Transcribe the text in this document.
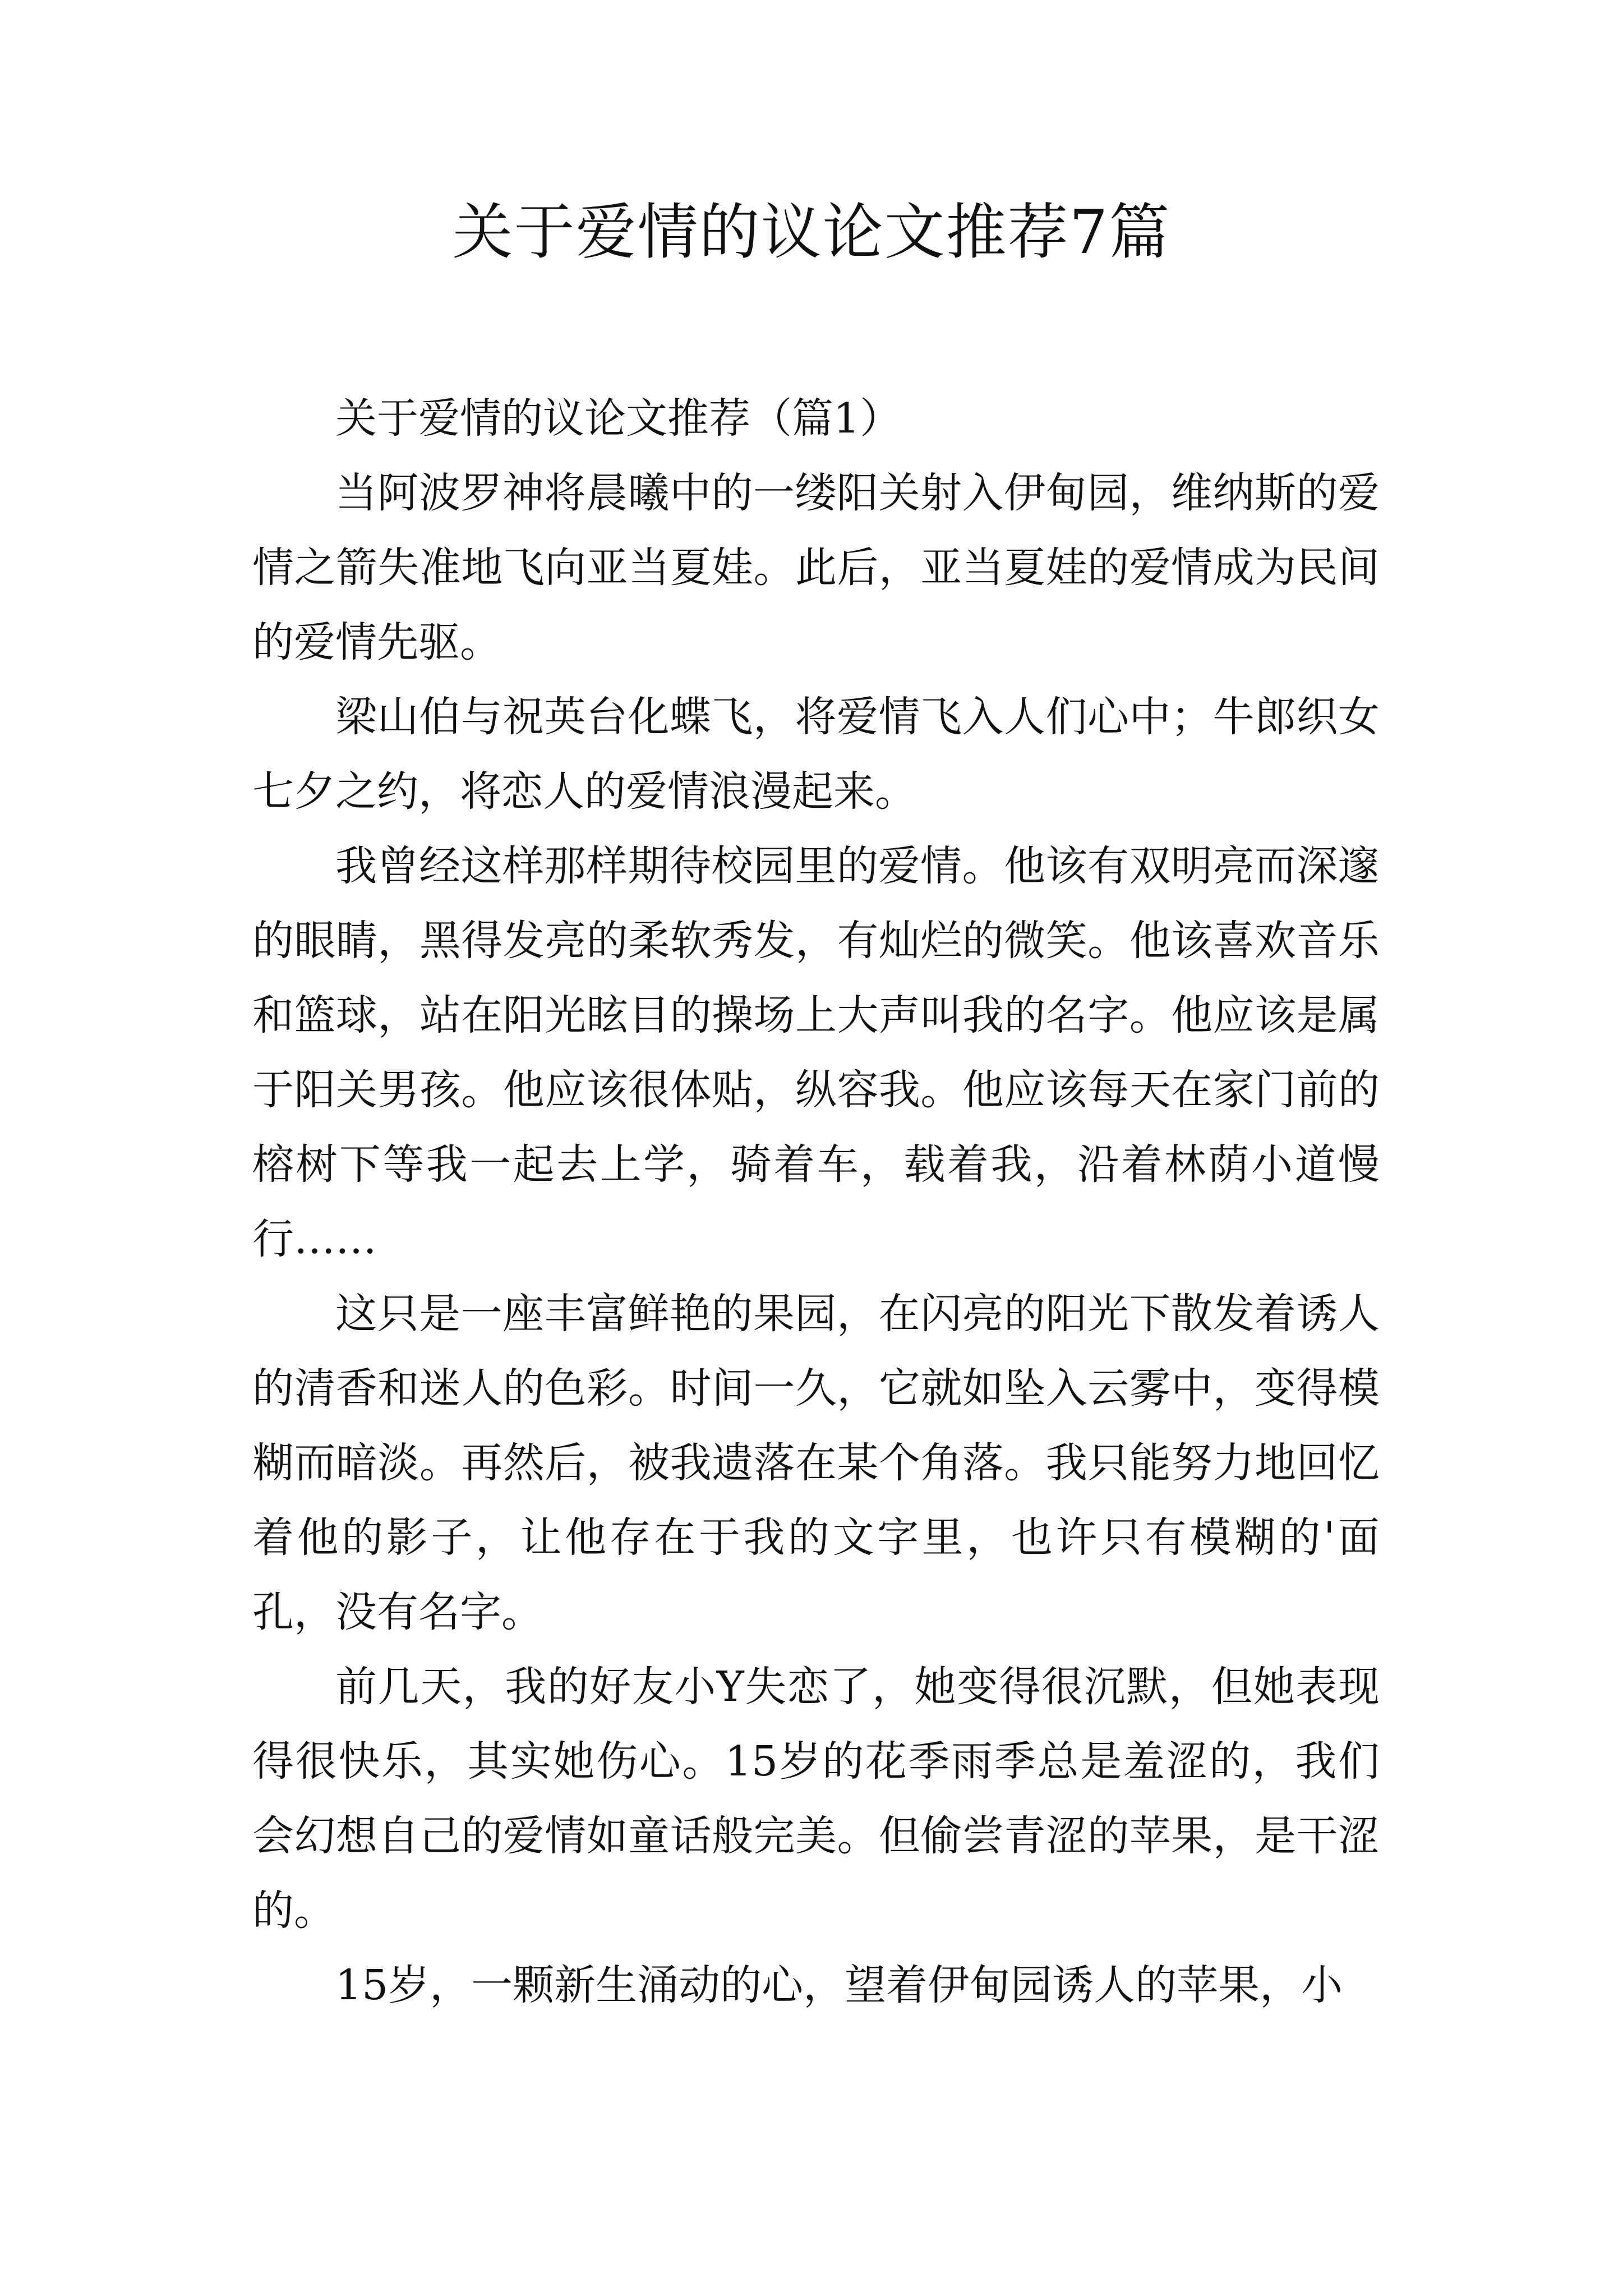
关于爱情的议论文推荐7篇

关于爱情的议论文推荐（篇1）

当阿波罗神将晨曦中的一缕阳关射入伊甸园，维纳斯的爱情之箭失准地飞向亚当夏娃。此后，亚当夏娃的爱情成为民间的爱情先驱。

梁山伯与祝英台化蝶飞，将爱情飞入人们心中；牛郎织女七夕之约，将恋人的爱情浪漫起来。

我曾经这样那样期待校园里的爱情。他该有双明亮而深邃的眼睛，黑得发亮的柔软秀发，有灿烂的微笑。他该喜欢音乐和篮球，站在阳光眩目的操场上大声叫我的名字。他应该是属于阳关男孩。他应该很体贴，纵容我。他应该每天在家门前的榕树下等我一起去上学，骑着车，载着我，沿着林荫小道慢行……

这只是一座丰富鲜艳的果园，在闪亮的阳光下散发着诱人的清香和迷人的色彩。时间一久，它就如坠入云雾中，变得模糊而暗淡。再然后，被我遗落在某个角落。我只能努力地回忆着他的影子，让他存在于我的文字里，也许只有模糊的'面孔，没有名字。

前几天，我的好友小Y失恋了，她变得很沉默，但她表现得很快乐，其实她伤心。15岁的花季雨季总是羞涩的，我们会幻想自己的爱情如童话般完美。但偷尝青涩的苹果，是干涩的。

15岁，一颗新生涌动的心，望着伊甸园诱人的苹果，小
